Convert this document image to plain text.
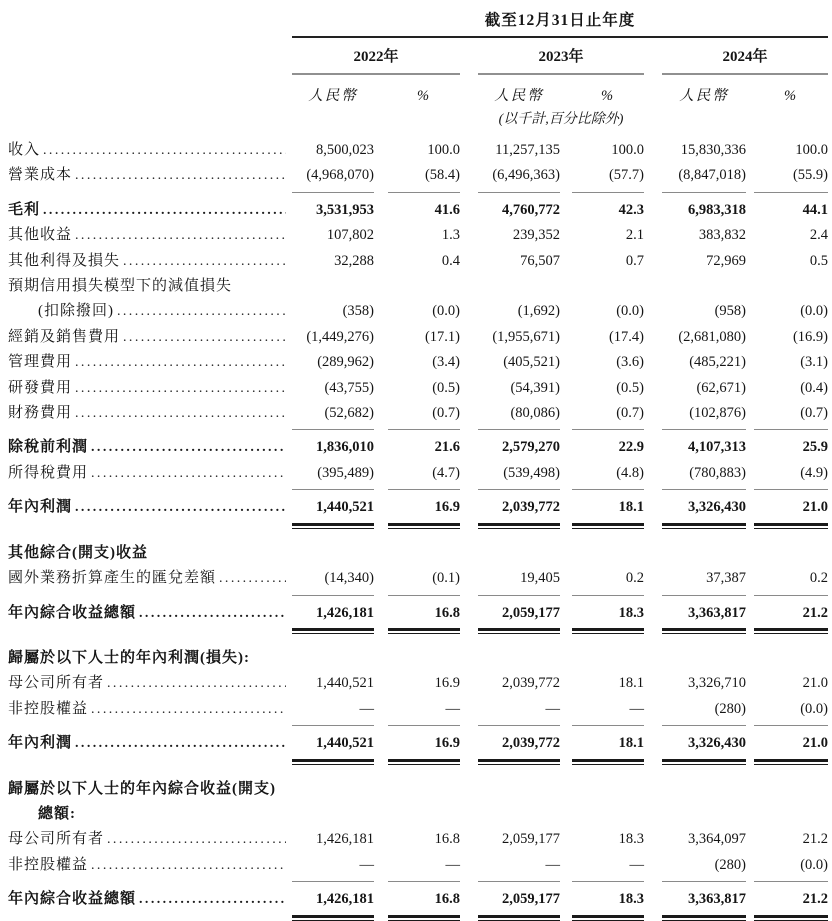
截至12月31日止年度
2022年	2023年	2024年
人民幣	%	人民幣	%	人民幣	%
(以千計,百分比除外)
收入 .....	8,500,023	100.0	11,257,135	100.0	15,830,336	100.0
營業成本 .....	(4,968,070)	(58.4)	(6,496,363)	(57.7)	(8,847,018)	(55.9)
毛利 .....	3,531,953	41.6	4,760,772	42.3	6,983,318	44.1
其他收益 .....	107,802	1.3	239,352	2.1	383,832	2.4
其他利得及損失 .....	32,288	0.4	76,507	0.7	72,969	0.5
預期信用損失模型下的減值損失
(扣除撥回) .....	(358)	(0.0)	(1,692)	(0.0)	(958)	(0.0)
經銷及銷售費用 .....	(1,449,276)	(17.1)	(1,955,671)	(17.4)	(2,681,080)	(16.9)
管理費用 .....	(289,962)	(3.4)	(405,521)	(3.6)	(485,221)	(3.1)
研發費用 .....	(43,755)	(0.5)	(54,391)	(0.5)	(62,671)	(0.4)
財務費用 .....	(52,682)	(0.7)	(80,086)	(0.7)	(102,876)	(0.7)
除稅前利潤 .....	1,836,010	21.6	2,579,270	22.9	4,107,313	25.9
所得稅費用 .....	(395,489)	(4.7)	(539,498)	(4.8)	(780,883)	(4.9)
年內利潤 .....	1,440,521	16.9	2,039,772	18.1	3,326,430	21.0
其他綜合(開支)收益
國外業務折算產生的匯兌差額 .....	(14,340)	(0.1)	19,405	0.2	37,387	0.2
年內綜合收益總額 .....	1,426,181	16.8	2,059,177	18.3	3,363,817	21.2
歸屬於以下人士的年內利潤(損失):
母公司所有者 .....	1,440,521	16.9	2,039,772	18.1	3,326,710	21.0
非控股權益 .....	—	—	—	—	(280)	(0.0)
年內利潤 .....	1,440,521	16.9	2,039,772	18.1	3,326,430	21.0
歸屬於以下人士的年內綜合收益(開支)
總額:
母公司所有者 .....	1,426,181	16.8	2,059,177	18.3	3,364,097	21.2
非控股權益 .....	—	—	—	—	(280)	(0.0)
年內綜合收益總額 .....	1,426,181	16.8	2,059,177	18.3	3,363,817	21.2
